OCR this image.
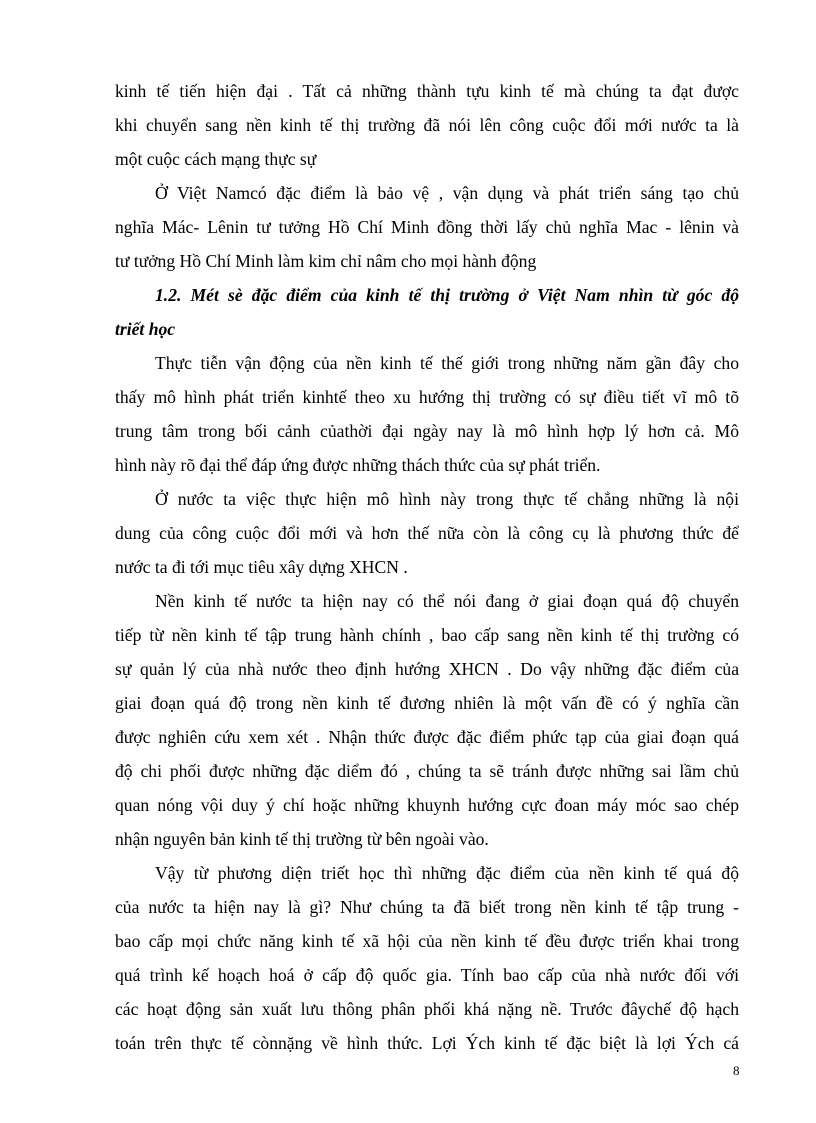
kinh tế tiến hiện đại . Tất cả những thành tựu kinh tế mà chúng ta đạt được
khi chuyển sang nền kinh tế thị trường đã nói lên công cuộc đổi mới nước ta là
một cuộc cách mạng thực sự

Ở Việt Namcó đặc điểm là bảo vệ , vận dụng và phát triển sáng tạo chủ
nghĩa Mác- Lênin tư tưởng Hồ Chí Minh đồng thời lấy chủ nghĩa Mac - lênin và
tư tưởng Hồ Chí Minh làm kim chỉ nâm cho mọi hành động

1.2. Mét sè đặc điểm của kinh tế thị trường ở Việt Nam nhìn từ góc độ
triết học

Thực tiễn vận động của nền kinh tế thế giới trong những năm gần đây cho
thấy mô hình phát triển kinhtế theo xu hướng thị trường có sự điều tiết vĩ mô tõ
trung tâm trong bối cảnh củathời đại ngày nay là mô hình hợp lý hơn cả. Mô
hình này rõ đại thể đáp ứng được những thách thức của sự phát triển.

Ở nước ta việc thực hiện mô hình này trong thực tế chẳng những là nội
dung của công cuộc đổi mới và hơn thế nữa còn là công cụ là phương thức để
nước ta đi tới mục tiêu xây dựng XHCN .

Nền kinh tế nước ta hiện nay có thể nói đang ở giai đoạn quá độ chuyển
tiếp từ nền kinh tế tập trung hành chính , bao cấp sang nền kinh tế thị trường có
sự quản lý của nhà nước theo định hướng XHCN . Do vậy những đặc điểm của
giai đoạn quá độ trong nền kinh tế đương nhiên là một vấn đề có ý nghĩa cần
được nghiên cứu xem xét . Nhận thức được đặc điểm phức tạp của giai đoạn quá
độ chi phối được những đặc diểm đó , chúng ta sẽ tránh được những sai lầm chủ
quan nóng vội duy ý chí hoặc những khuynh hướng cực đoan máy móc sao chép
nhận nguyên bản kinh tế thị trường từ bên ngoài vào.

Vậy từ phương diện triết học thì những đặc điểm của nền kinh tế quá độ
của nước ta hiện nay là gì? Như chúng ta đã biết trong nền kinh tế tập trung -
bao cấp mọi chức năng kinh tế xã hội của nền kinh tế đều được triển khai trong
quá trình kế hoạch hoá ở cấp độ quốc gia. Tính bao cấp của nhà nước đối với
các hoạt động sản xuất lưu thông phân phối khá nặng nề. Trước đâychế độ hạch
toán trên thực tế cònnặng về hình thức. Lợi Ých kinh tế đặc biệt là lợi Ých cá

8
